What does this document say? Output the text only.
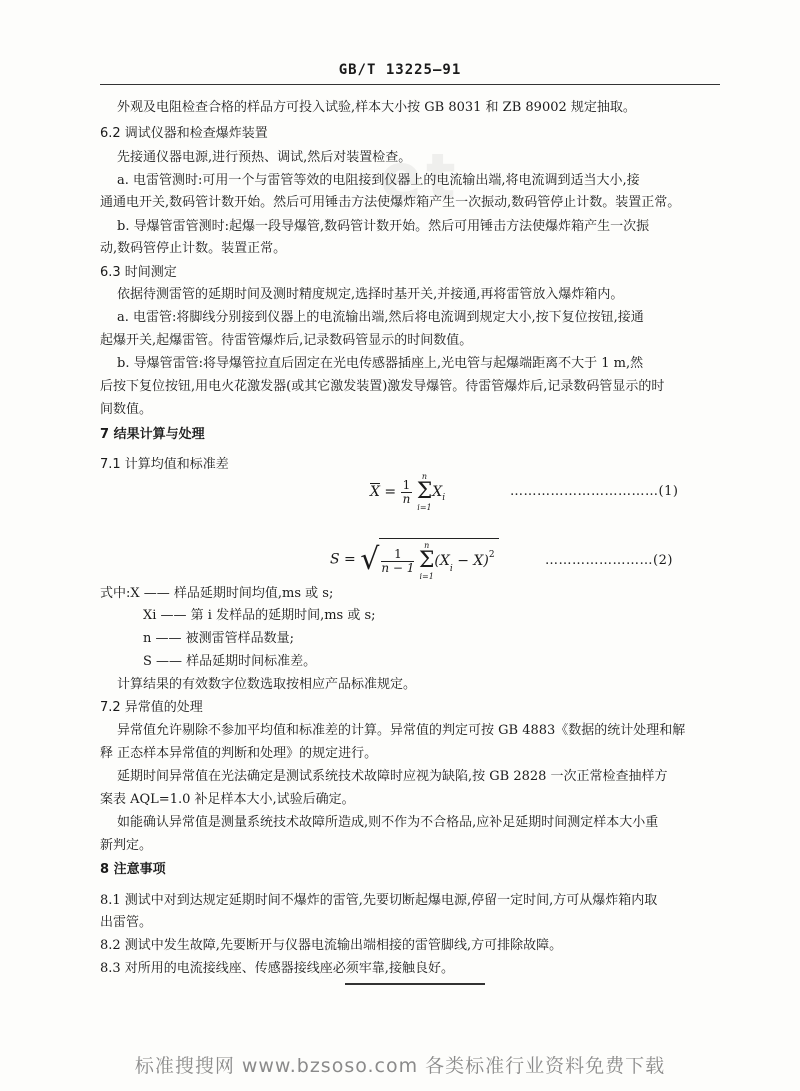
et
GB/T 13225—91
外观及电阻检查合格的样品方可投入试验,样本大小按 GB 8031 和 ZB 89002 规定抽取。
6.2 调试仪器和检查爆炸装置
先接通仪器电源,进行预热、调试,然后对装置检查。
a. 电雷管测时:可用一个与雷管等效的电阻接到仪器上的电流输出端,将电流调到适当大小,接
通通电开关,数码管计数开始。然后可用锤击方法使爆炸箱产生一次振动,数码管停止计数。装置正常。
b. 导爆管雷管测时:起爆一段导爆管,数码管计数开始。然后可用锤击方法使爆炸箱产生一次振
动,数码管停止计数。装置正常。
6.3 时间测定
依据待测雷管的延期时间及测时精度规定,选择时基开关,并接通,再将雷管放入爆炸箱内。
a. 电雷管:将脚线分别接到仪器上的电流输出端,然后将电流调到规定大小,按下复位按钮,接通
起爆开关,起爆雷管。待雷管爆炸后,记录数码管显示的时间数值。
b. 导爆管雷管:将导爆管拉直后固定在光电传感器插座上,光电管与起爆端距离不大于 1 m,然
后按下复位按钮,用电火花激发器(或其它激发装置)激发导爆管。待雷管爆炸后,记录数码管显示的时
间数值。
7 结果计算与处理
7.1 计算均值和标准差
$\overline{X} = \frac{1}{n}$

n
Σ
i=1
$X_i$	……………………………(1)
S = √ $\frac{1}{n - 1}$

n
Σ
i=1
$(X_i - X)^2$	……………………(2)
式中:X —— 样品延期时间均值,ms 或 s;
Xi —— 第 i 发样品的延期时间,ms 或 s;
n —— 被测雷管样品数量;
S —— 样品延期时间标准差。
计算结果的有效数字位数选取按相应产品标准规定。
7.2 异常值的处理
异常值允许剔除不参加平均值和标准差的计算。异常值的判定可按 GB 4883《数据的统计处理和解
释 正态样本异常值的判断和处理》的规定进行。
延期时间异常值在光法确定是测试系统技术故障时应视为缺陷,按 GB 2828 一次正常检查抽样方
案表 AQL=1.0 补足样本大小,试验后确定。
如能确认异常值是测量系统技术故障所造成,则不作为不合格品,应补足延期时间测定样本大小重
新判定。
8 注意事项
8.1 测试中对到达规定延期时间不爆炸的雷管,先要切断起爆电源,停留一定时间,方可从爆炸箱内取
出雷管。
8.2 测试中发生故障,先要断开与仪器电流输出端相接的雷管脚线,方可排除故障。
8.3 对所用的电流接线座、传感器接线座必须牢靠,接触良好。
标准搜搜网 www.bzsoso.com 各类标准行业资料免费下载
